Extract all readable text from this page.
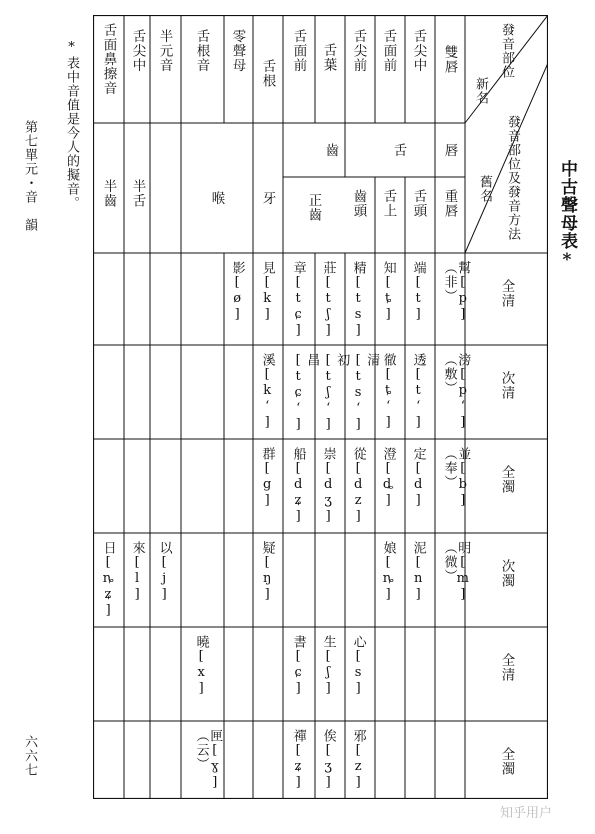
中古聲母表*
*表中音值是今人的擬音。
第七單元・音　韻
六六七
知乎用户
新名
發音部位
舊名 發音部位及發音方法
雙唇
舌尖中
舌面前
舌尖前
舌葉
舌面前
舌根
零聲母
舌根音
半元音
舌尖中
舌面鼻擦音
唇
舌
齒
牙
喉
半舌
半齒	重唇
舌頭
舌上
齒頭
正齒
全清
次清
全濁
次濁
全清
全濁
幫[p]（非）
端[t]
知[ȶ]
精[ts]
莊[tʃ]
章[tɕ]
見[k]
影[ø]
滂[pʻ]（敷）
透[tʻ]
徹[ȶʻ]
清[tsʻ]
初[tʃʻ]
昌[tɕʻ]
溪[kʻ]
並[b]（奉）
定[d]
澄[ȡ]
從[dz]
崇[dʒ]
船[dʑ]
群[g]
明[m]（微）
泥[n]
娘[ȵ]
疑[ŋ]
以[j]
來[l]
日[ȵʑ]
心[s]
生[ʃ]
書[ɕ]
曉[x]
邪[z]
俟[ʒ]
禪[ʑ]
匣[ɣ]（云）
